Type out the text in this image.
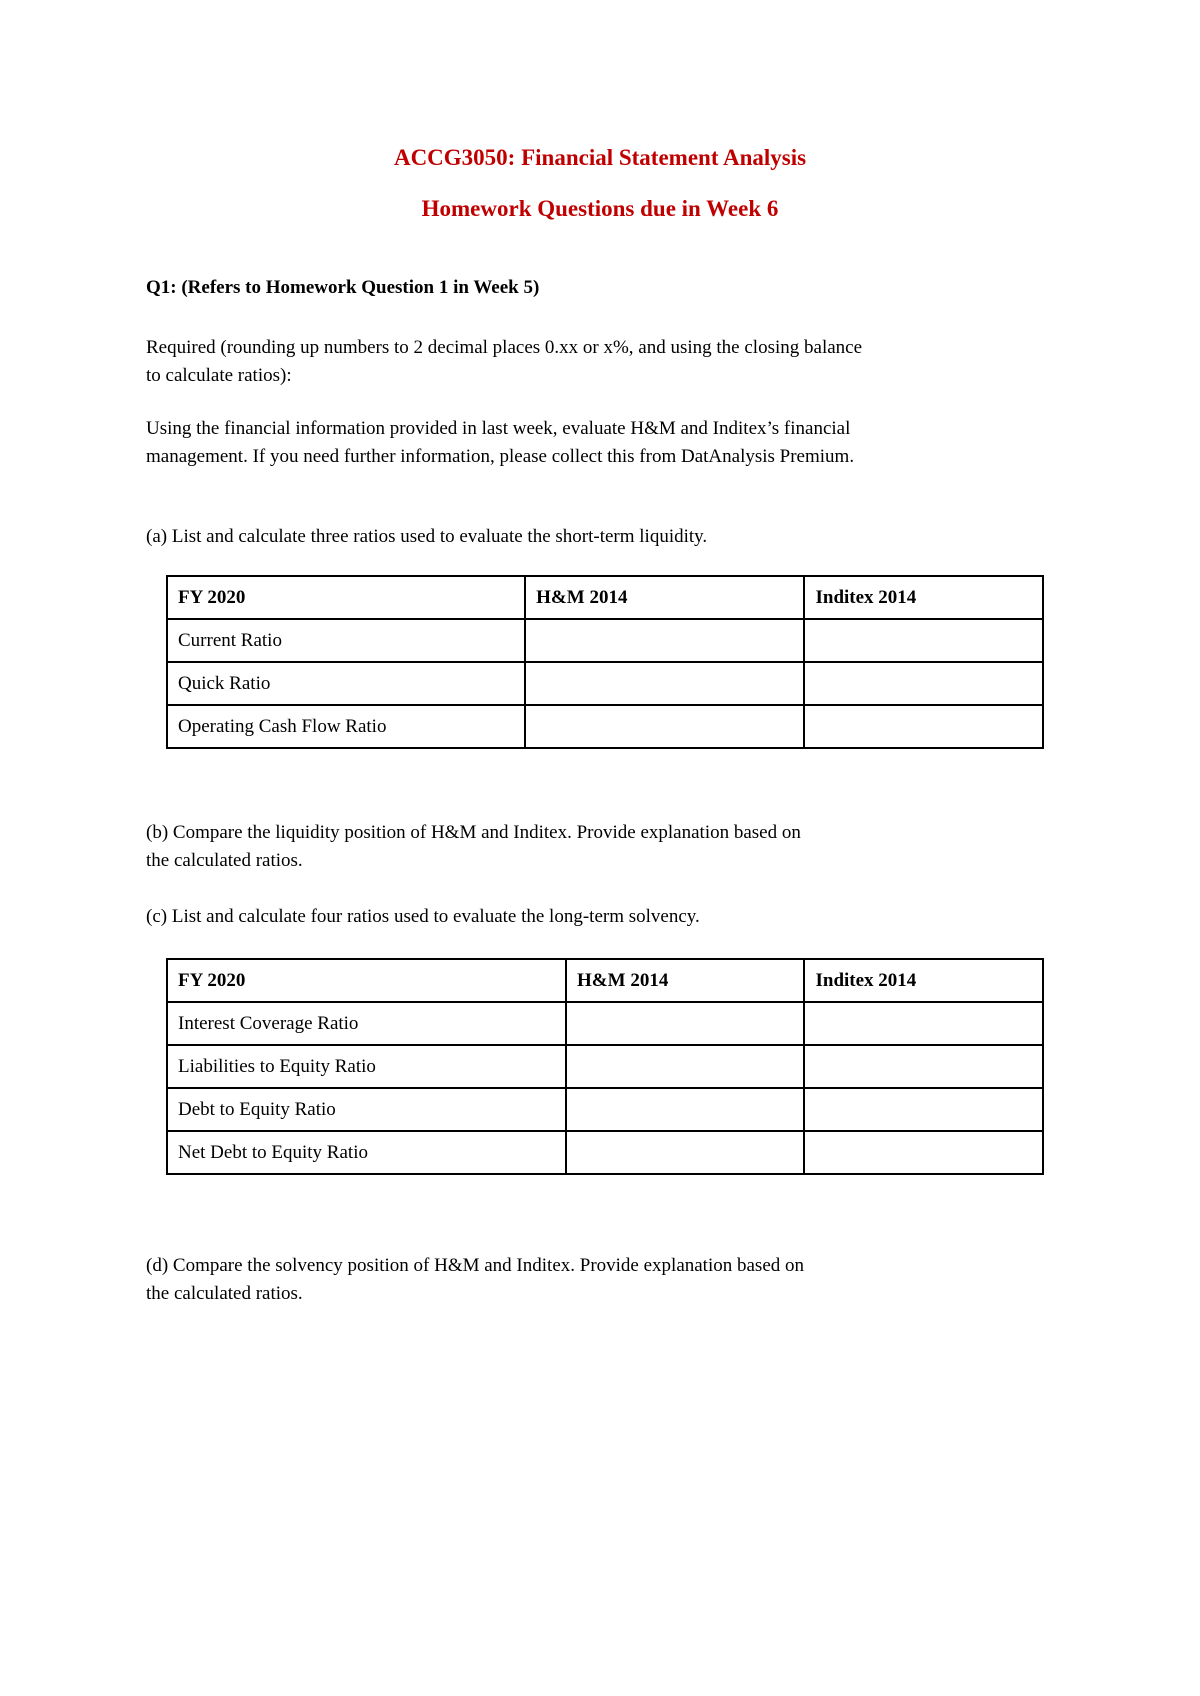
ACCG3050: Financial Statement Analysis
Homework Questions due in Week 6

Q1: (Refers to Homework Question 1 in Week 5)

Required (rounding up numbers to 2 decimal places 0.xx or x%, and using the closing balance
to calculate ratios):

Using the financial information provided in last week, evaluate H&M and Inditex’s financial
management. If you need further information, please collect this from DatAnalysis Premium.

(a) List and calculate three ratios used to evaluate the short-term liquidity.

FY 2020	H&M 2014	Inditex 2014
Current Ratio		
Quick Ratio		
Operating Cash Flow Ratio		

(b) Compare the liquidity position of H&M and Inditex. Provide explanation based on
the calculated ratios.

(c) List and calculate four ratios used to evaluate the long-term solvency.

FY 2020	H&M 2014	Inditex 2014
Interest Coverage Ratio		
Liabilities to Equity Ratio		
Debt to Equity Ratio		
Net Debt to Equity Ratio		

(d) Compare the solvency position of H&M and Inditex. Provide explanation based on
the calculated ratios.
